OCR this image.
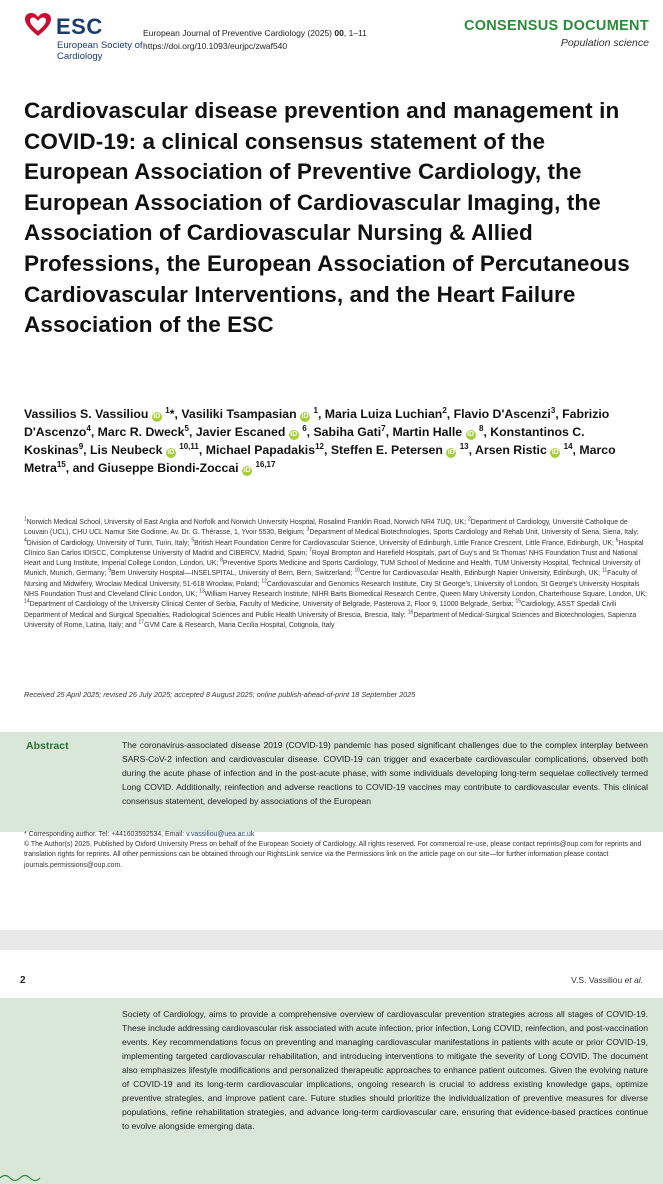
ESC
European Society of Cardiology
European Journal of Preventive Cardiology (2025) 00, 1–11
https://doi.org/10.1093/eurjpc/zwaf540
CONSENSUS DOCUMENT
Population science
Cardiovascular disease prevention and management in COVID-19: a clinical consensus statement of the European Association of Preventive Cardiology, the European Association of Cardiovascular Imaging, the Association of Cardiovascular Nursing & Allied Professions, the European Association of Percutaneous Cardiovascular Interventions, and the Heart Failure Association of the ESC
Vassilios S. Vassiliou iD $^1$*, Vasiliki Tsampasian iD $^1$, Maria Luiza Luchian$^2$, Flavio D'Ascenzi$^3$, Fabrizio D'Ascenzo$^4$, Marc R. Dweck$^5$, Javier Escaned iD $^6$, Sabiha Gati$^7$, Martin Halle iD $^8$, Konstantinos C. Koskinas$^9$, Lis Neubeck iD $^{10,11}$, Michael Papadakis$^{12}$, Steffen E. Petersen iD $^{13}$, Arsen Ristic iD $^{14}$, Marco Metra$^{15}$, and Giuseppe Biondi-Zoccai iD $^{16,17}$
$^1$Norwich Medical School, University of East Anglia and Norfolk and Norwich University Hospital, Rosalind Franklin Road, Norwich NR4 7UQ, UK; $^2$Department of Cardiology, Université Catholique de Louvain (UCL), CHU UCL Namur Site Godinne, Av. Dr. G. Thérasse, 1, Yvoir 5530, Belgium; $^3$Department of Medical Biotechnologies, Sports Cardiology and Rehab Unit, University of Siena, Siena, Italy; $^4$Division of Cardiology, University of Turin, Turin, Italy; $^5$British Heart Foundation Centre for Cardiovascular Science, University of Edinburgh, Little France Crescent, Little France, Edinburgh, UK; $^6$Hospital Clínico San Carlos IDISCC, Complutense University of Madrid and CIBERCV, Madrid, Spain; $^7$Royal Brompton and Harefield Hospitals, part of Guy's and St Thomas' NHS Foundation Trust and National Heart and Lung Institute, Imperial College London, London, UK; $^8$Preventive Sports Medicine and Sports Cardiology, TUM School of Medicine and Health, TUM University Hospital, Technical University of Munich, Munich, Germany; $^9$Bern University Hospital—INSELSPITAL, University of Bern, Bern, Switzerland; $^{10}$Centre for Cardiovascular Health, Edinburgh Napier University, Edinburgh, UK; $^{11}$Faculty of Nursing and Midwifery, Wroclaw Medical University, 51-618 Wrocław, Poland; $^{12}$Cardiovascular and Genomics Research Institute, City St George's, University of London, St George's University Hospitals NHS Foundation Trust and Cleveland Clinic London, UK; $^{13}$William Harvey Research Institute, NIHR Barts Biomedical Research Centre, Queen Mary University London, Charterhouse Square, London, UK; $^{14}$Department of Cardiology of the University Clinical Center of Serbia, Faculty of Medicine, University of Belgrade, Pasterova 2, Floor 9, 11000 Belgrade, Serbia; $^{15}$Cardiology, ASST Spedali Civili Department of Medical and Surgical Specialties, Radiological Sciences and Public Health University of Brescia, Brescia, Italy; $^{16}$Department of Medical-Surgical Sciences and Biotechnologies, Sapienza University of Rome, Latina, Italy; and $^{17}$GVM Care & Research, Maria Cecilia Hospital, Cotignola, Italy
Received 25 April 2025; revised 26 July 2025; accepted 8 August 2025; online publish-ahead-of-print 18 September 2025
Abstract	The coronavirus-associated disease 2019 (COVID-19) pandemic has posed significant challenges due to the complex interplay between SARS-CoV-2 infection and cardiovascular disease. COVID-19 can trigger and exacerbate cardiovascular complications, observed both during the acute phase of infection and in the post-acute phase, with some individuals developing long-term sequelae collectively termed Long COVID. Additionally, reinfection and adverse reactions to COVID-19 vaccines may contribute to cardiovascular events. This clinical consensus statement, developed by associations of the European
* Corresponding author. Tel: +441603592534, Email: v.vassiliou@uea.ac.uk
© The Author(s) 2025. Published by Oxford University Press on behalf of the European Society of Cardiology. All rights reserved. For commercial re-use, please contact reprints@oup.com for reprints and translation rights for reprints. All other permissions can be obtained through our RightsLink service via the Permissions link on the article page on our site—for further information please contact journals.permissions@oup.com.
2	V.S. Vassiliou et al.
Society of Cardiology, aims to provide a comprehensive overview of cardiovascular prevention strategies across all stages of COVID-19. These include addressing cardiovascular risk associated with acute infection, prior infection, Long COVID, reinfection, and post-vaccination events. Key recommendations focus on preventing and managing cardiovascular manifestations in patients with acute or prior COVID-19, implementing targeted cardiovascular rehabilitation, and introducing interventions to mitigate the severity of Long COVID. The document also emphasizes lifestyle modifications and personalized therapeutic approaches to enhance patient outcomes. Given the evolving nature of COVID-19 and its long-term cardiovascular implications, ongoing research is crucial to address existing knowledge gaps, optimize preventive strategies, and improve patient care. Future studies should prioritize the individualization of preventive measures for diverse populations, refine rehabilitation strategies, and advance long-term cardiovascular care, ensuring that evidence-based practices continue to evolve alongside emerging data.
